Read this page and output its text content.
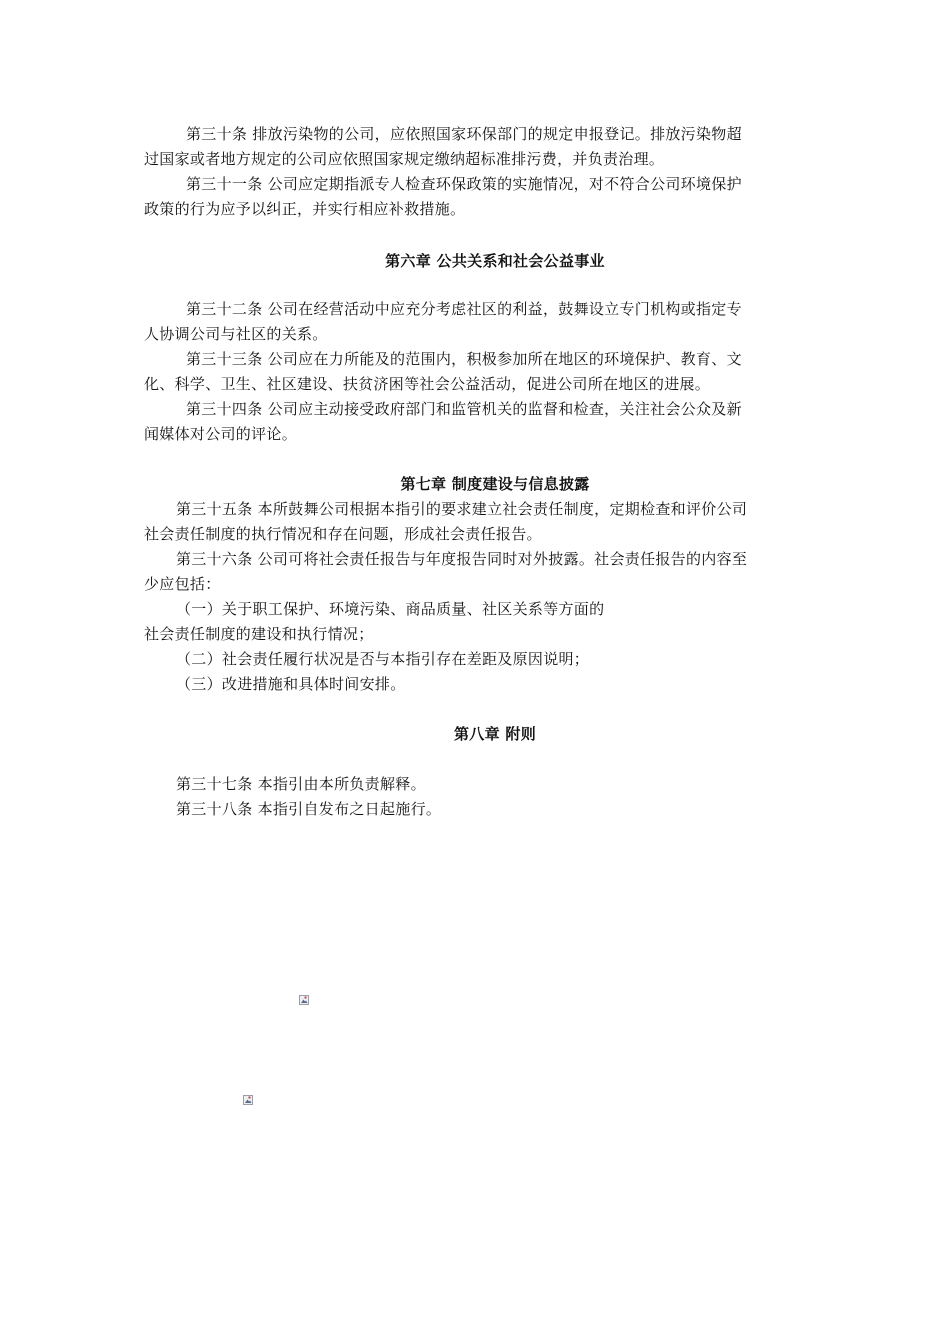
第三十条 排放污染物的公司，应依照国家环保部门的规定申报登记。排放污染物超
过国家或者地方规定的公司应依照国家规定缴纳超标准排污费，并负责治理。
第三十一条 公司应定期指派专人检查环保政策的实施情况，对不符合公司环境保护
政策的行为应予以纠正，并实行相应补救措施。
第六章 公共关系和社会公益事业
第三十二条 公司在经营活动中应充分考虑社区的利益，鼓舞设立专门机构或指定专
人协调公司与社区的关系。
第三十三条 公司应在力所能及的范围内，积极参加所在地区的环境保护、教育、文
化、科学、卫生、社区建设、扶贫济困等社会公益活动，促进公司所在地区的进展。
第三十四条 公司应主动接受政府部门和监管机关的监督和检查，关注社会公众及新
闻媒体对公司的评论。
第七章 制度建设与信息披露
第三十五条 本所鼓舞公司根据本指引的要求建立社会责任制度，定期检查和评价公司
社会责任制度的执行情况和存在问题，形成社会责任报告。
第三十六条 公司可将社会责任报告与年度报告同时对外披露。社会责任报告的内容至
少应包括：
（一）关于职工保护、环境污染、商品质量、社区关系等方面的
社会责任制度的建设和执行情况；
（二）社会责任履行状况是否与本指引存在差距及原因说明；
（三）改进措施和具体时间安排。
第八章 附则
第三十七条 本指引由本所负责解释。
第三十八条 本指引自发布之日起施行。
